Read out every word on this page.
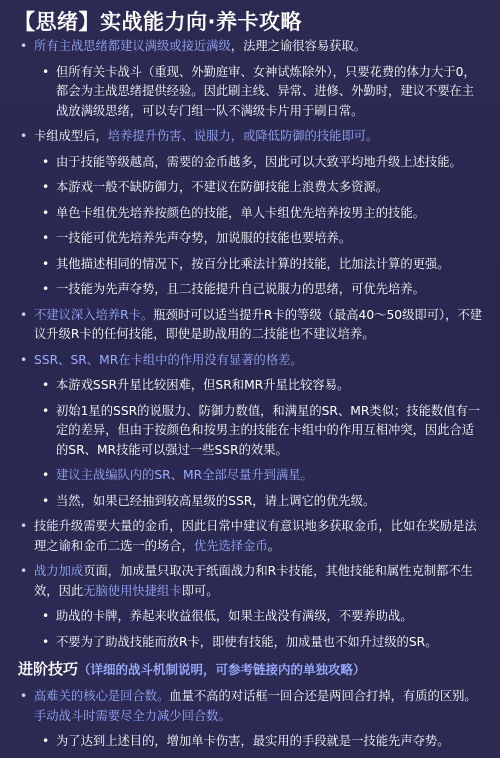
【思绪】实战能力向·养卡攻略
• 所有主战思绪都建议满级或接近满级，法理之谕很容易获取。
• 但所有关卡战斗（重现、外勤庭审、女神试炼除外），只要花费的体力大于0，都会为主战思绪提供经验。因此刷主线、异常、进修、外勤时，建议不要在主战放满级思绪，可以专门组一队不满级卡片用于刷日常。
• 卡组成型后，培养提升伤害、说服力，或降低防御的技能即可。
• 由于技能等级越高，需要的金币越多，因此可以大致平均地升级上述技能。
• 本游戏一般不缺防御力，不建议在防御技能上浪费太多资源。
• 单色卡组优先培养按颜色的技能，单人卡组优先培养按男主的技能。
• 一技能可优先培养先声夺势，加说服的技能也要培养。
• 其他描述相同的情况下，按百分比乘法计算的技能，比加法计算的更强。
• 一技能为先声夺势，且二技能提升自己说服力的思绪，可优先培养。
• 不建议深入培养R卡。瓶颈时可以适当提升R卡的等级（最高40～50级即可），不建议升级R卡的任何技能，即使是助战用的二技能也不建议培养。
• SSR、SR、MR在卡组中的作用没有显著的格差。
• 本游戏SSR升星比较困难，但SR和MR升星比较容易。
• 初始1星的SSR的说服力、防御力数值，和满星的SR、MR类似；技能数值有一定的差异，但由于按颜色和按男主的技能在卡组中的作用互相冲突，因此合适的SR、MR技能可以强过一些SSR的效果。
• 建议主战编队内的SR、MR全部尽量升到满星。
• 当然，如果已经抽到较高星级的SSR，请上调它的优先级。
• 技能升级需要大量的金币，因此日常中建议有意识地多获取金币，比如在奖励是法理之谕和金币二选一的场合，优先选择金币。
• 战力加成页面，加成量只取决于纸面战力和R卡技能，其他技能和属性克制都不生效，因此无脑使用快捷组卡即可。
• 助战的卡牌，养起来收益很低，如果主战没有满级，不要养助战。
• 不要为了助战技能而放R卡，即使有技能，加成量也不如升过级的SR。
进阶技巧（详细的战斗机制说明，可参考链接内的单独攻略）
• 高难关的核心是回合数。血量不高的对话框一回合还是两回合打掉，有质的区别。手动战斗时需要尽全力减少回合数。
• 为了达到上述目的，增加单卡伤害，最实用的手段就是一技能先声夺势。
